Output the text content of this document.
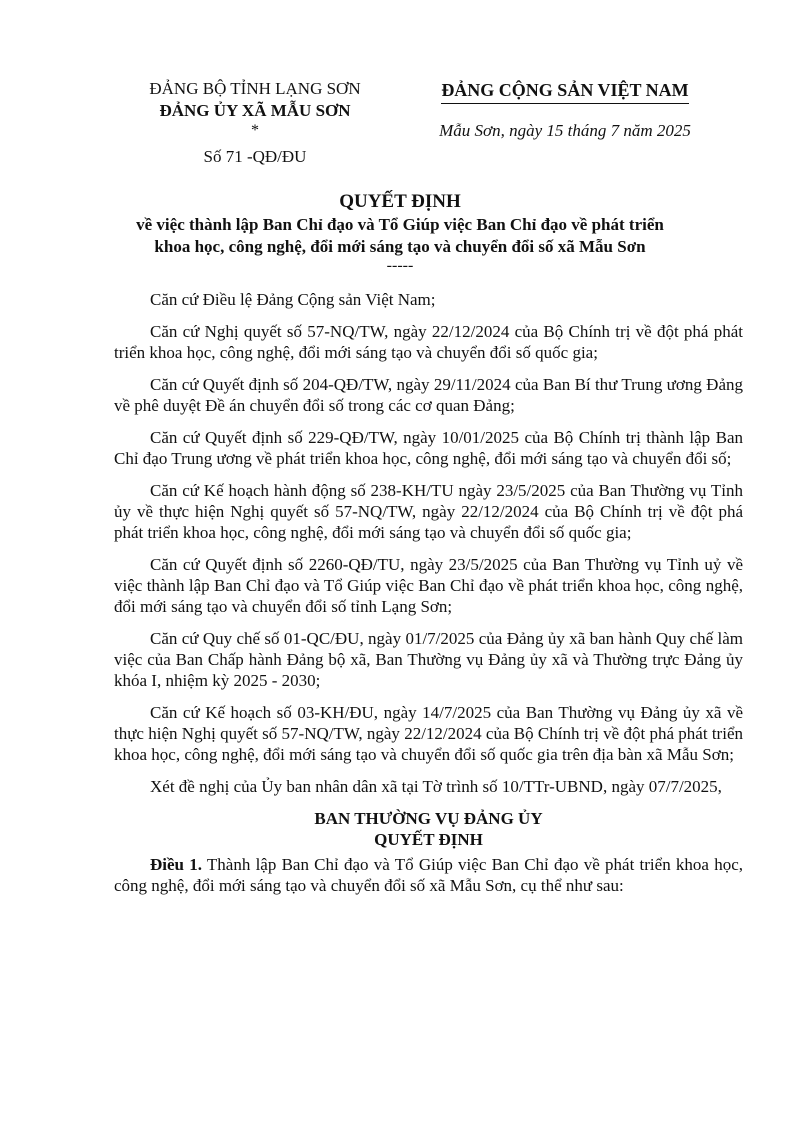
ĐẢNG BỘ TỈNH LẠNG SƠN
ĐẢNG ỦY XÃ MẪU SƠN
*
Số 71 -QĐ/ĐU
ĐẢNG CỘNG SẢN VIỆT NAM
Mẫu Sơn, ngày 15 tháng 7 năm 2025
QUYẾT ĐỊNH
về việc thành lập Ban Chỉ đạo và Tổ Giúp việc Ban Chỉ đạo về phát triển
khoa học, công nghệ, đổi mới sáng tạo và chuyển đổi số xã Mẫu Sơn
-----

Căn cứ Điều lệ Đảng Cộng sản Việt Nam;

Căn cứ Nghị quyết số 57-NQ/TW, ngày 22/12/2024 của Bộ Chính trị về đột phá phát triển khoa học, công nghệ, đổi mới sáng tạo và chuyển đổi số quốc gia;

Căn cứ Quyết định số 204-QĐ/TW, ngày 29/11/2024 của Ban Bí thư Trung ương Đảng về phê duyệt Đề án chuyển đổi số trong các cơ quan Đảng;

Căn cứ Quyết định số 229-QĐ/TW, ngày 10/01/2025 của Bộ Chính trị thành lập Ban Chỉ đạo Trung ương về phát triển khoa học, công nghệ, đổi mới sáng tạo và chuyển đổi số;

Căn cứ Kế hoạch hành động số 238-KH/TU ngày 23/5/2025 của Ban Thường vụ Tỉnh ủy về thực hiện Nghị quyết số 57-NQ/TW, ngày 22/12/2024 của Bộ Chính trị về đột phá phát triển khoa học, công nghệ, đổi mới sáng tạo và chuyển đổi số quốc gia;

Căn cứ Quyết định số 2260-QĐ/TU, ngày 23/5/2025 của Ban Thường vụ Tỉnh uỷ về việc thành lập Ban Chỉ đạo và Tổ Giúp việc Ban Chỉ đạo về phát triển khoa học, công nghệ, đổi mới sáng tạo và chuyển đổi số tỉnh Lạng Sơn;

Căn cứ Quy chế số 01-QC/ĐU, ngày 01/7/2025 của Đảng ủy xã ban hành Quy chế làm việc của Ban Chấp hành Đảng bộ xã, Ban Thường vụ Đảng ủy xã và Thường trực Đảng ủy khóa I, nhiệm kỳ 2025 - 2030;

Căn cứ Kế hoạch số 03-KH/ĐU, ngày 14/7/2025 của Ban Thường vụ Đảng ủy xã về thực hiện Nghị quyết số 57-NQ/TW, ngày 22/12/2024 của Bộ Chính trị về đột phá phát triển khoa học, công nghệ, đổi mới sáng tạo và chuyển đổi số quốc gia trên địa bàn xã Mẫu Sơn;

Xét đề nghị của Ủy ban nhân dân xã tại Tờ trình số 10/TTr-UBND, ngày 07/7/2025,

BAN THƯỜNG VỤ ĐẢNG ỦY

QUYẾT ĐỊNH

Điều 1. Thành lập Ban Chỉ đạo và Tổ Giúp việc Ban Chỉ đạo về phát triển khoa học, công nghệ, đổi mới sáng tạo và chuyển đổi số xã Mẫu Sơn, cụ thể như sau:
